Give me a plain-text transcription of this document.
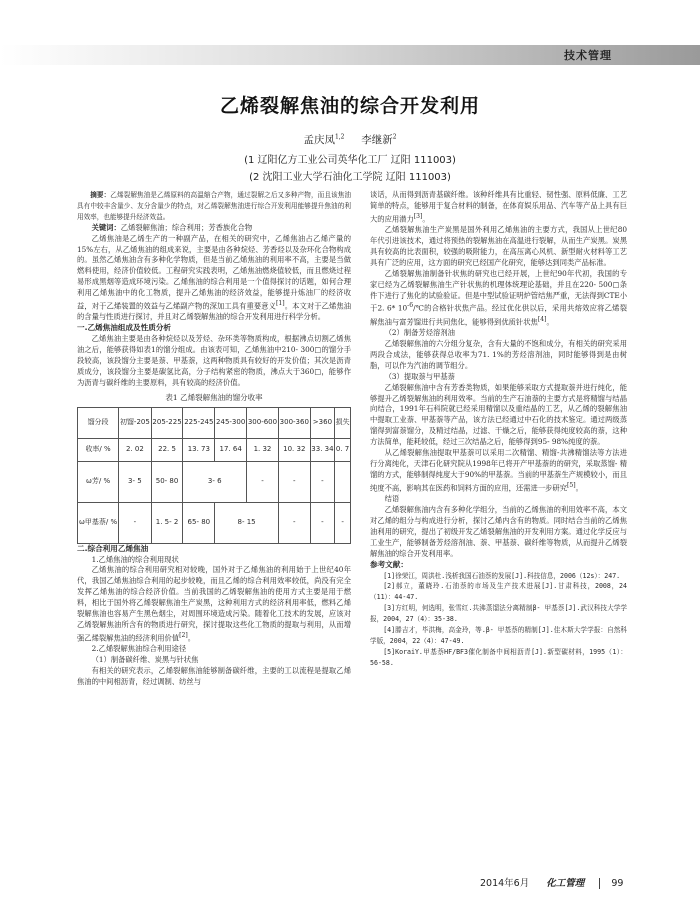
技术管理
乙烯裂解焦油的综合开发利用
孟庆凤$^{1,2}$ 李继新$^2$
(1 辽阳亿方工业公司英华化工厂 辽阳 111003)
(2 沈阳工业大学石油化工学院 辽阳 111003)

摘要：乙烯裂解焦油是乙烯原料的高温缩合产物，通过裂解之后又多种产物，而且该焦油具有中较丰含量少、友分含量少的特点，对乙烯裂解焦油进行综合开发利用能够提升焦油的利用效率，也能够提升经济效益。

关键词：乙烯裂解焦油；综合利用；芳香族化合物

乙烯焦油是乙烯生产的一种副产品，在相关的研究中，乙烯焦油占乙烯产量的15%左右，从乙烯焦油的组成来说，主要是由各种烷烃、芳香烃以及杂环化合物构成的。虽然乙烯焦油含有多种化学物质，但是当前乙烯焦油的利用率不高，主要是当做燃料使用，经济价值较低。工程研究实践表明，乙烯焦油燃烧值较低，而且燃烧过程易形成黑烟等造成环境污染。乙烯焦油的综合利用是一个值得探讨的话题，如何合理利用乙烯焦油中的化工物质，提升乙烯焦油的经济效益，能够提升炼油厂的经济收益，对于乙烯装置的效益与乙烯副产物的深加工具有重要意义[1]。本文对于乙烯焦油的含量与性质进行探讨，并且对乙烯裂解焦油的综合开发利用进行科学分析。

一.乙烯焦油组成及性质分析

乙烯焦油主要是由各种烷烃以及芳烃、杂环类等物质构成，根据沸点切割乙烯焦油之后，能够获得如表1的馏分组成。由该表可知，乙烯焦油中210- 300□的馏分手段较高，该段馏分主要是萘、甲基萘，这两种物质具有较好的开发价值；其次是沥青质成分，该段馏分主要是碳氢比高，分子结构紧密的物质，沸点大于360□，能够作为沥青与碳纤维的主要原料，具有较高的经济价值。

表1 乙烯裂解焦油的馏分收率
馏分段	初馏-205	205-225	225-245	245-300	300-600	300-360	>360	损失
收率/ %	2. 02	22. 5	13. 73	17. 64	1. 32	10. 32	33. 34	0. 7
ω芳/ %	3- 5	50- 80	3- 6		-	-	-	
ω甲基萘/ %	-	1. 5- 2	65- 80	8- 15		-	-	-

二.综合利用乙烯焦油

1.乙烯焦油的综合利用现状

乙烯焦油的综合利用研究相对较晚，国外对于乙烯焦油的利用始于上世纪40年代，我国乙烯焦油综合利用的起步较晚，而且乙烯的综合利用效率较低，尚没有完全发挥乙烯焦油的综合经济价值。当前我国的乙烯裂解焦油的使用方式主要是用于燃料，相比于国外将乙烯裂解焦油生产炭黑，这种利用方式的经济利用率低，燃料乙烯裂解焦油也容易产生黑色烟尘，对周围环境造成污染。随着化工技术的发展，应该对乙烯裂解焦油所含有的物质进行研究，探讨提取这些化工物质的提取与利用，从而增强乙烯裂解焦油的经济利用价值[2]。

2.乙烯裂解焦油综合利用途径

（1）制备碳纤维、炭黑与针状焦

有相关的研究表示，乙烯裂解焦油能够制备碳纤维，主要的工以流程是提取乙烯焦油的中间相沥青，经过调制、纺丝与

谈话，从而得到沥青基碳纤维。该种纤维具有比重轻、韧性强、原料低廉、工艺简单的特点，能够用于复合材料的制备，在体育娱乐用品、汽车等产品上具有巨大的应用潜力[3]。

乙烯裂解焦油生产炭黑是国外利用乙烯焦油的主要方式，我国从上世纪80年代引进该技术，通过将预热的裂解焦油在高温进行裂解，从而生产炭黑。炭黑具有较高的比表面积，较强的吸附能力，在高压离心风机、新型耐火材料等工艺具有广泛的应用，这方面的研究已经国产化研究，能够达到同类产品标准。

乙烯裂解焦油制备针状焦的研究也已经开展，上世纪90年代初，我国的专家已经为乙烯裂解焦油生产针状焦的机理体统理论基础，并且在220- 500□条件下进行了焦化的试验验证。但是中型试验证明炉管结焦严重，无法得到CTE小于2. 6* $10^{-6}/℃$的合格针状焦产品。经过优化供以后，采用共熔效应将乙烯裂解焦油与富芳馏进行共同焦化，能够得到优质针状焦[4]。

（2）制备芳烃溶剂油

乙烯裂解焦油的六分组分复杂，含有大量的不饱和成分，有相关的研究采用两段合成法，能够获得总收率为71. 1%的芳烃溶剂油，同时能够得到是由树脂，可以作为汽油的调节组分。

（3）提取萘与甲基萘

乙烯裂解焦油中含有芳香类物质，如果能够采取方式提取萘并进行纯化，能够提升乙烯裂解焦油的利用效率。当前的生产石油萘的主要方式是将精馏与结晶向结合，1991年石科院就已经采用精馏以及重结晶的工艺，从乙烯的裂解焦油中提取工业萘、甲基萘等产品，该方法已经通过中石化的技术鉴定。通过两级蒸馏得到富萘馏分，及精过结晶，过滤、干燥之后，能够获得纯度较高的萘，这种方法简单，能耗较低，经过三次结晶之后，能够得到95- 98%纯度的萘。

从乙烯裂解焦油提取甲基萘可以采用二次精馏、精馏-共沸精馏法等方法进行分离纯化，天津石化研究院从1998年已将开产甲基萘的的研究，采取蒸馏- 精馏的方式，能够制得纯度大于90%的甲基萘。当前的甲基萘生产规模较小，而且纯度不高，影响其在医药和饲料方面的应用，还需进一步研究[5]。

结语

乙烯裂解焦油内含有多种化学组分，当前的乙烯焦油的利用效率不高，本文对乙烯的组分与构成进行分析，探讨乙烯内含有的物质。同时结合当前的乙烯焦油利用的研究，提出了初级开发乙烯裂解焦油的开发利用方案。通过化学反应与工业生产，能够制备芳烃溶剂油、萘、甲基萘、碳纤维等物质，从而提升乙烯裂解焦油的综合开发利用率。

参考文献：

[1]徐荣江，周洪杜.浅析我国石油萘的发展[J].科技信息，2006（12s）：247.

[2]郝立，董晓玲.石油萘的市场及生产技术进展[J].甘肃科技，2008，24（11）：44-47.

[3]方红明，何选明，张雪红.共沸蒸馏法分离精制β- 甲基萘[J].武汉科技大学学报，2004，27（4）：35-38.

[4]滕吉才，毕洪梅，高金玲，等.β- 甲基萘的精制[J].佳木斯大学学报：自然科学版，2004，22（4）：47-49.

[5]KoraiY.甲基萘HF/BF3催化制备中间相沥青[J].新型碳材料，1995（1）：56-58.

2014年6月 化工管理	99
